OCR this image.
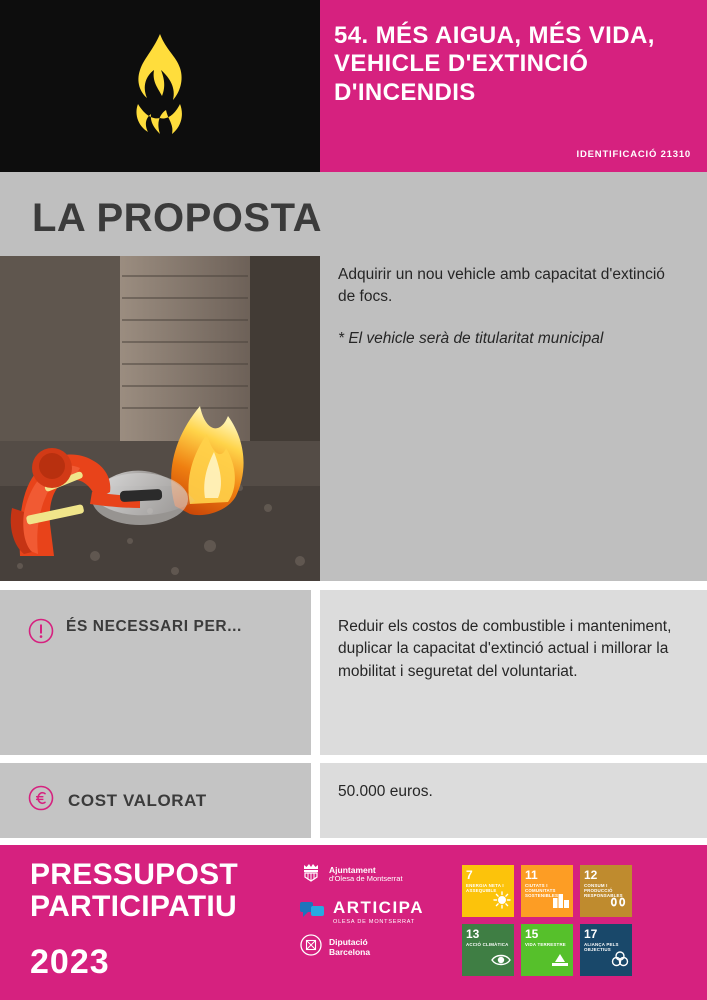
54. MÉS AIGUA, MÉS VIDA, VEHICLE D'EXTINCIÓ D'INCENDIS
IDENTIFICACIÓ 21310
LA PROPOSTA

Adquirir un nou vehicle amb capacitat d'extinció de focs.

* El vehicle serà de titularitat municipal

ÉS NECESSARI PER...	Reduir els costos de combustible i manteniment, duplicar la capacitat d'extinció actual i millorar la mobilitat i seguretat del voluntariat.

COST VALORAT	50.000 euros.

PRESSUPOST
PARTICIPATIU
2023
Ajuntament
d'Olesa de Montserrat
ARTICIPA
OLESA DE MONTSERRAT
Diputació
Barcelona
7
ENERGIA NETA I ASSEQUIBLE
11
CIUTATS I COMUNITATS SOSTENIBLES
12
CONSUM I PRODUCCIÓ RESPONSABLES
13
ACCIÓ CLIMÀTICA
15
VIDA TERRESTRE
17
ALIANÇA PELS OBJECTIUS
